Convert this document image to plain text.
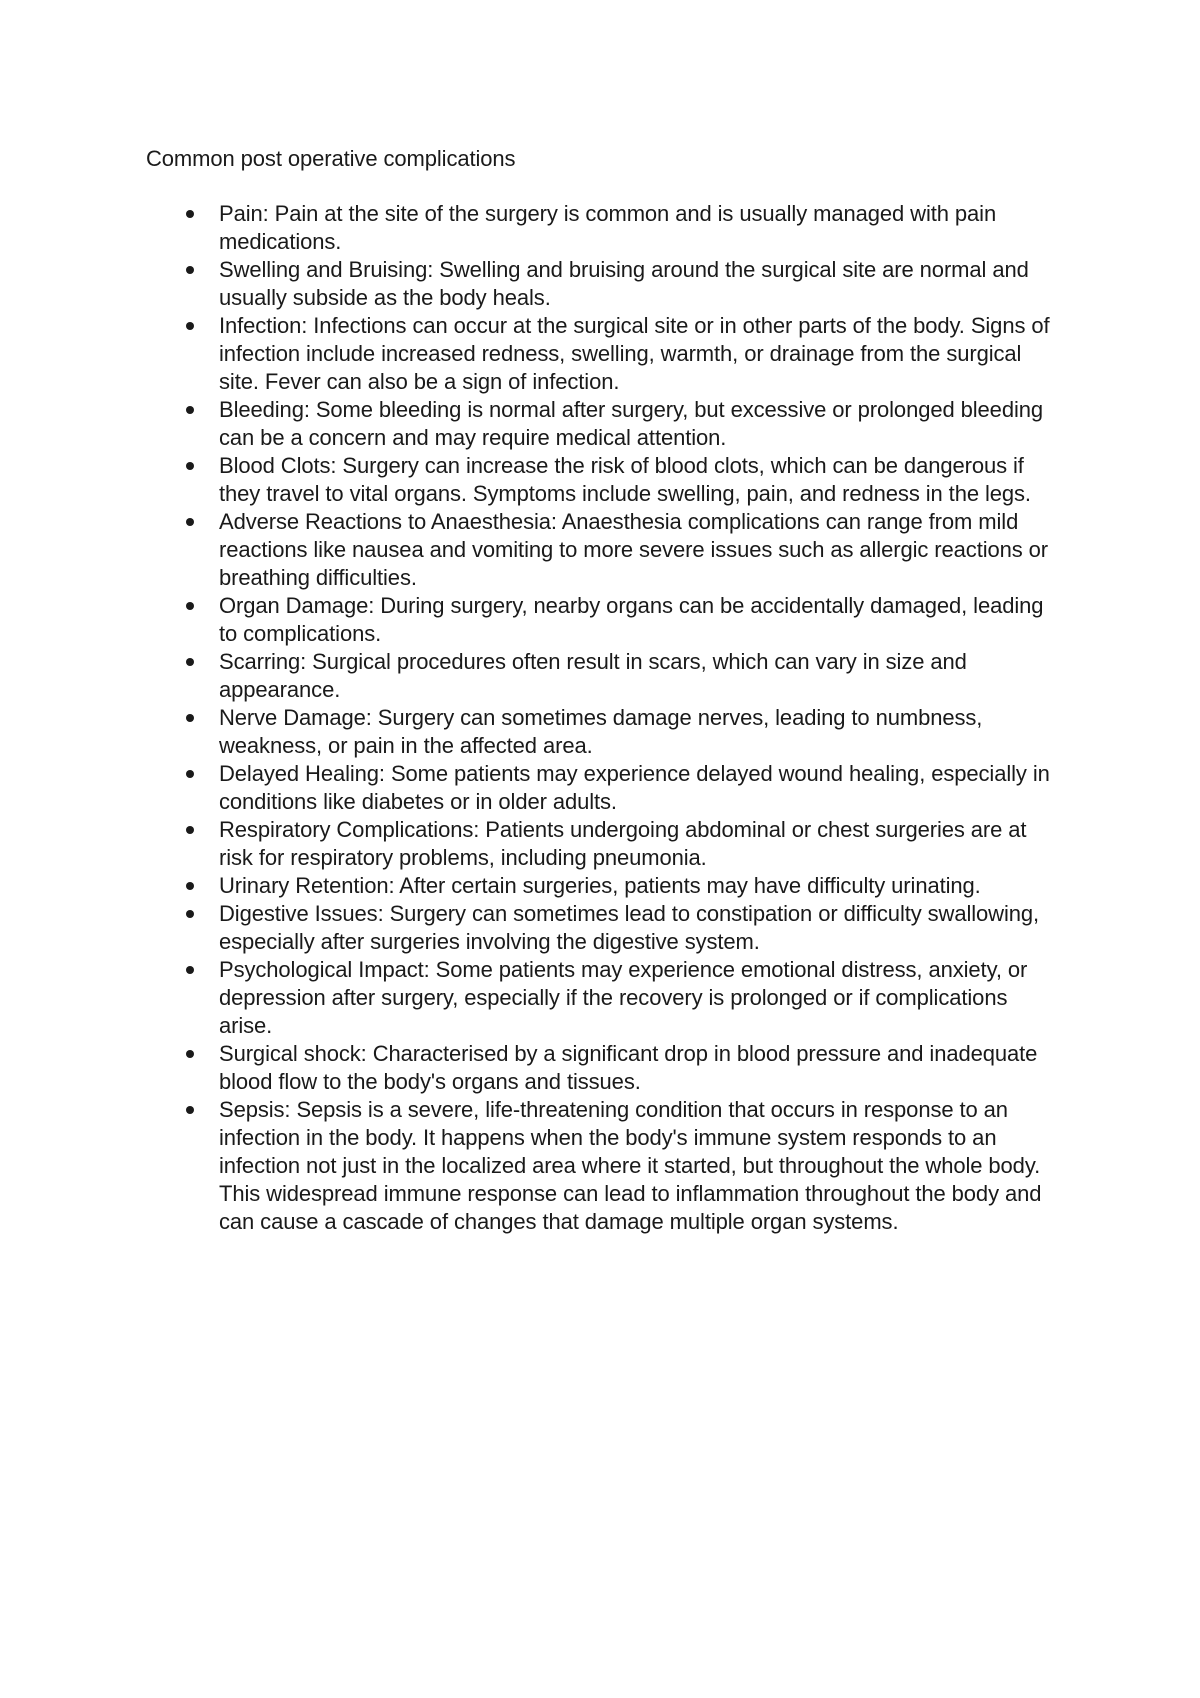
Common post operative complications
Pain: Pain at the site of the surgery is common and is usually managed with pain medications.
Swelling and Bruising: Swelling and bruising around the surgical site are normal and usually subside as the body heals.
Infection: Infections can occur at the surgical site or in other parts of the body. Signs of infection include increased redness, swelling, warmth, or drainage from the surgical site. Fever can also be a sign of infection.
Bleeding: Some bleeding is normal after surgery, but excessive or prolonged bleeding can be a concern and may require medical attention.
Blood Clots: Surgery can increase the risk of blood clots, which can be dangerous if they travel to vital organs. Symptoms include swelling, pain, and redness in the legs.
Adverse Reactions to Anaesthesia: Anaesthesia complications can range from mild reactions like nausea and vomiting to more severe issues such as allergic reactions or breathing difficulties.
Organ Damage: During surgery, nearby organs can be accidentally damaged, leading to complications.
Scarring: Surgical procedures often result in scars, which can vary in size and appearance.
Nerve Damage: Surgery can sometimes damage nerves, leading to numbness, weakness, or pain in the affected area.
Delayed Healing: Some patients may experience delayed wound healing, especially in conditions like diabetes or in older adults.
Respiratory Complications: Patients undergoing abdominal or chest surgeries are at risk for respiratory problems, including pneumonia.
Urinary Retention: After certain surgeries, patients may have difficulty urinating.
Digestive Issues: Surgery can sometimes lead to constipation or difficulty swallowing, especially after surgeries involving the digestive system.
Psychological Impact: Some patients may experience emotional distress, anxiety, or depression after surgery, especially if the recovery is prolonged or if complications arise.
Surgical shock: Characterised by a significant drop in blood pressure and inadequate blood flow to the body's organs and tissues.
Sepsis: Sepsis is a severe, life-threatening condition that occurs in response to an infection in the body. It happens when the body's immune system responds to an infection not just in the localized area where it started, but throughout the whole body. This widespread immune response can lead to inflammation throughout the body and can cause a cascade of changes that damage multiple organ systems.
